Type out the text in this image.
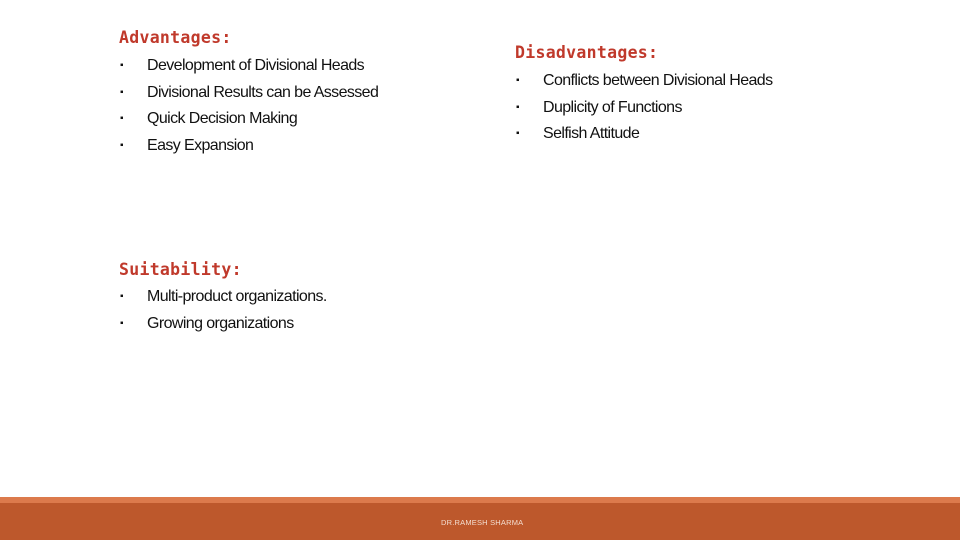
Advantages:
▪	Development of Divisional Heads
▪	Divisional Results can be Assessed
▪	Quick Decision Making
▪	Easy Expansion
Disadvantages:
▪	Conflicts between Divisional Heads
▪	Duplicity of Functions
▪	Selfish Attitude
Suitability:
▪	Multi-product organizations.
▪	Growing organizations
DR.RAMESH SHARMA
